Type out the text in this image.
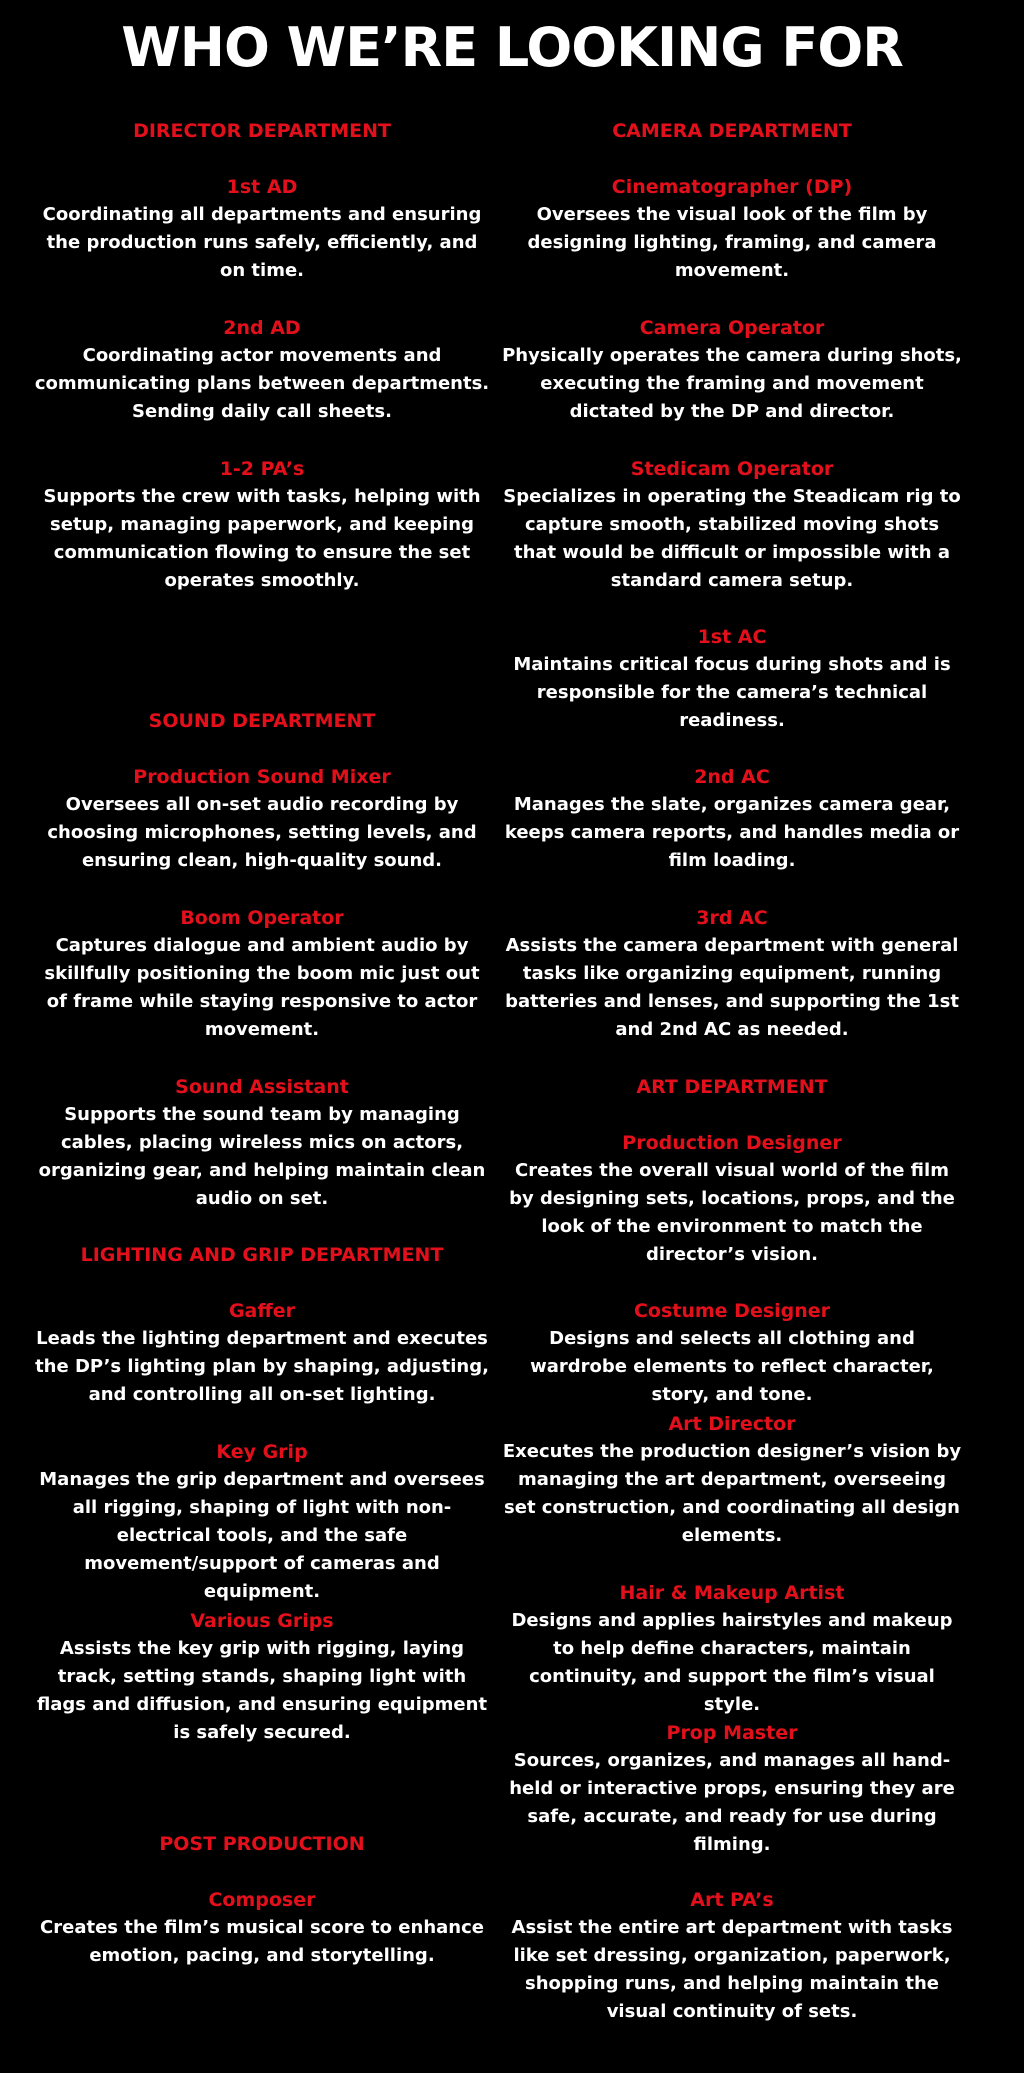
WHO WE’RE LOOKING FOR

DIRECTOR DEPARTMENT

1st AD

Coordinating all departments and ensuring the production runs safely, efficiently, and on time.

2nd AD

Coordinating actor movements and communicating plans between departments. Sending daily call sheets.

1-2 PA’s

Supports the crew with tasks, helping with setup, managing paperwork, and keeping communication flowing to ensure the set operates smoothly.

SOUND DEPARTMENT

Production Sound Mixer

Oversees all on-set audio recording by choosing microphones, setting levels, and ensuring clean, high-quality sound.

Boom Operator

Captures dialogue and ambient audio by skillfully positioning the boom mic just out of frame while staying responsive to actor movement.

Sound Assistant

Supports the sound team by managing cables, placing wireless mics on actors, organizing gear, and helping maintain clean audio on set.

LIGHTING AND GRIP DEPARTMENT

Gaffer

Leads the lighting department and executes the DP’s lighting plan by shaping, adjusting, and controlling all on-set lighting.

Key Grip

Manages the grip department and oversees all rigging, shaping of light with non-electrical tools, and the safe movement/support of cameras and equipment.

Various Grips

Assists the key grip with rigging, laying track, setting stands, shaping light with flags and diffusion, and ensuring equipment is safely secured.

POST PRODUCTION

Composer

Creates the film’s musical score to enhance emotion, pacing, and storytelling.

CAMERA DEPARTMENT

Cinematographer (DP)

Oversees the visual look of the film by designing lighting, framing, and camera movement.

Camera Operator

Physically operates the camera during shots, executing the framing and movement dictated by the DP and director.

Stedicam Operator

Specializes in operating the Steadicam rig to capture smooth, stabilized moving shots that would be difficult or impossible with a standard camera setup.

1st AC

Maintains critical focus during shots and is responsible for the camera’s technical readiness.

2nd AC

Manages the slate, organizes camera gear, keeps camera reports, and handles media or film loading.

3rd AC

Assists the camera department with general tasks like organizing equipment, running batteries and lenses, and supporting the 1st and 2nd AC as needed.

ART DEPARTMENT

Production Designer

Creates the overall visual world of the film by designing sets, locations, props, and the look of the environment to match the director’s vision.

Costume Designer

Designs and selects all clothing and wardrobe elements to reflect character, story, and tone.

Art Director

Executes the production designer’s vision by managing the art department, overseeing set construction, and coordinating all design elements.

Hair & Makeup Artist

Designs and applies hairstyles and makeup to help define characters, maintain continuity, and support the film’s visual style.

Prop Master

Sources, organizes, and manages all hand-held or interactive props, ensuring they are safe, accurate, and ready for use during filming.

Art PA’s

Assist the entire art department with tasks like set dressing, organization, paperwork, shopping runs, and helping maintain the visual continuity of sets.
